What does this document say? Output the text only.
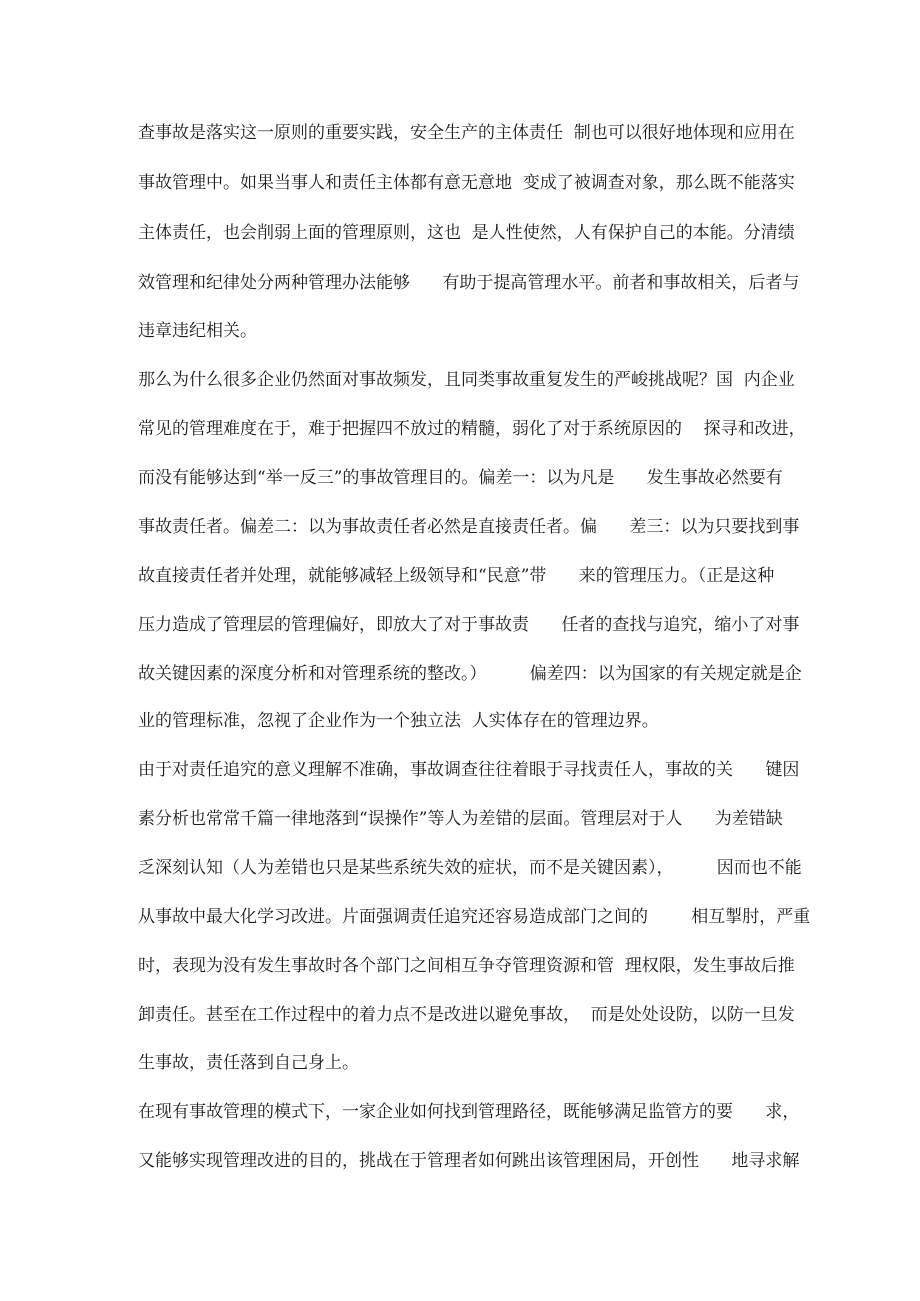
查事故是落实这一原则的重要实践，安全生产的主体责任  制也可以很好地体现和应用在
事故管理中。如果当事人和责任主体都有意无意地  变成了被调查对象，那么既不能落实
主体责任，也会削弱上面的管理原则，这也  是人性使然，人有保护自己的本能。分清绩
效管理和纪律处分两种管理办法能够      有助于提高管理水平。前者和事故相关，后者与
违章违纪相关。
那么为什么很多企业仍然面对事故频发，且同类事故重复发生的严峻挑战呢？国  内企业
常见的管理难度在于，难于把握四不放过的精髓，弱化了对于系统原因的    探寻和改进，
而没有能够达到“举一反三”的事故管理目的。偏差一：以为凡是      发生事故必然要有
事故责任者。偏差二：以为事故责任者必然是直接责任者。偏      差三：以为只要找到事
故直接责任者并处理，就能够减轻上级领导和“民意”带      来的管理压力。（正是这种
压力造成了管理层的管理偏好，即放大了对于事故责      任者的查找与追究，缩小了对事
故关键因素的深度分析和对管理系统的整改。）        偏差四：以为国家的有关规定就是企
业的管理标准，忽视了企业作为一个独立法  人实体存在的管理边界。
由于对责任追究的意义理解不准确，事故调查往往着眼于寻找责任人，事故的关      键因
素分析也常常千篇一律地落到“误操作”等人为差错的层面。管理层对于人      为差错缺
乏深刻认知（人为差错也只是某些系统失效的症状，而不是关键因素），        因而也不能
从事故中最大化学习改进。片面强调责任追究还容易造成部门之间的        相互掣肘，严重
时，表现为没有发生事故时各个部门之间相互争夺管理资源和管  理权限，发生事故后推
卸责任。甚至在工作过程中的着力点不是改进以避免事故，  而是处处设防，以防一旦发
生事故，责任落到自己身上。
在现有事故管理的模式下，一家企业如何找到管理路径，既能够满足监管方的要      求，
又能够实现管理改进的目的，挑战在于管理者如何跳出该管理困局，开创性      地寻求解
